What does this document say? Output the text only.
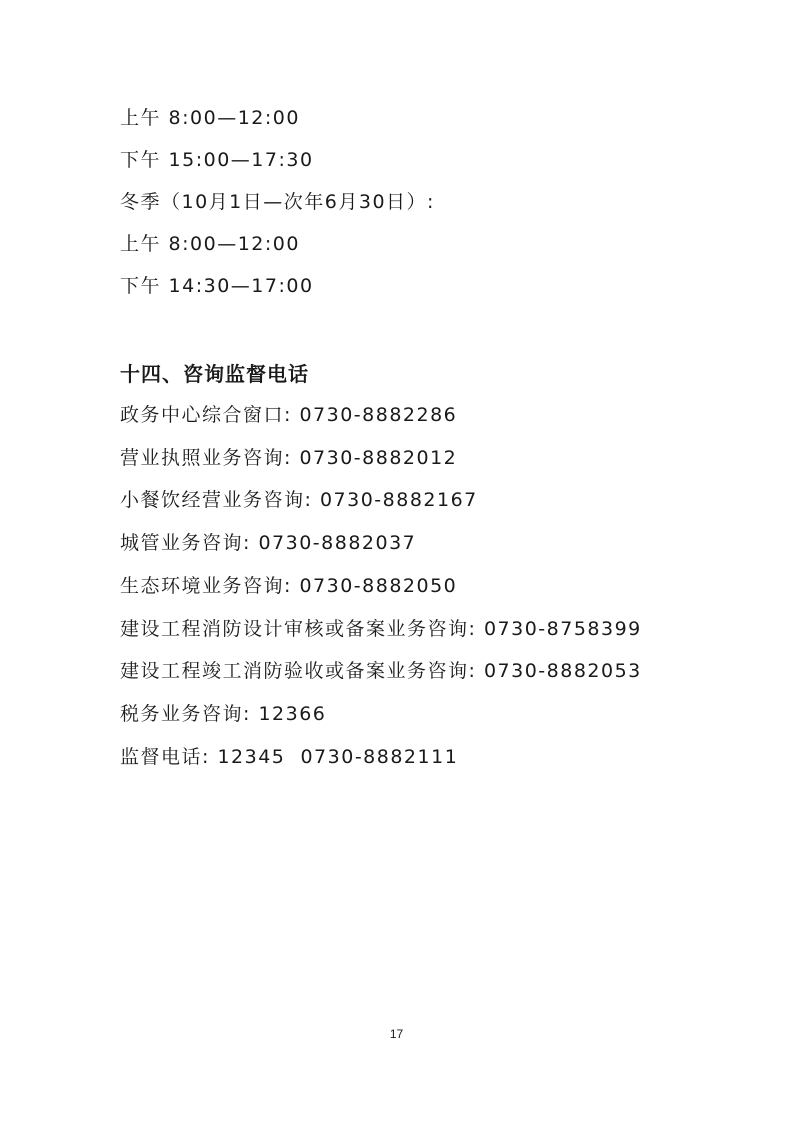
上午 8:00—12:00
下午 15:00—17:30
冬季（10月1日—次年6月30日）:
上午 8:00—12:00
下午 14:30—17:00
十四、咨询监督电话
政务中心综合窗口: 0730-8882286
营业执照业务咨询: 0730-8882012
小餐饮经营业务咨询: 0730-8882167
城管业务咨询: 0730-8882037
生态环境业务咨询: 0730-8882050
建设工程消防设计审核或备案业务咨询: 0730-8758399
建设工程竣工消防验收或备案业务咨询: 0730-8882053
税务业务咨询: 12366
监督电话: 12345  0730-8882111
17
